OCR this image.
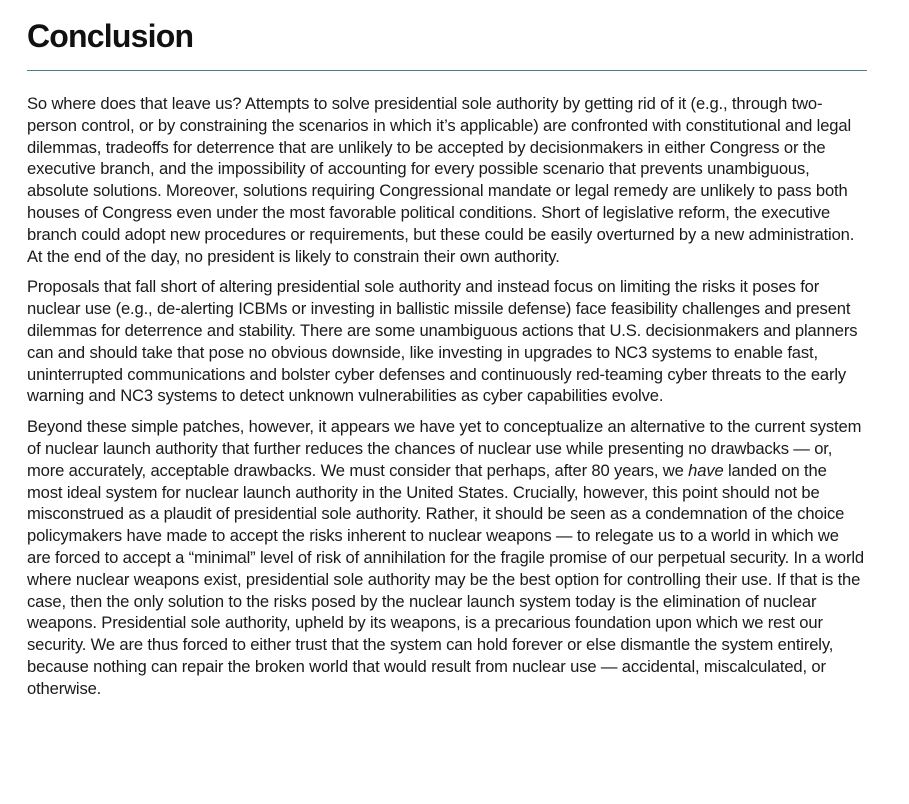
Conclusion

So where does that leave us? Attempts to solve presidential sole authority by getting rid of it (e.g., through two-person control, or by constraining the scenarios in which it’s applicable) are confronted with constitutional and legal dilemmas, tradeoffs for deterrence that are unlikely to be accepted by decisionmakers in either Congress or the executive branch, and the impossibility of accounting for every possible scenario that prevents unambiguous, absolute solutions. Moreover, solutions requiring Congressional mandate or legal remedy are unlikely to pass both houses of Congress even under the most favorable political conditions. Short of legislative reform, the executive branch could adopt new procedures or requirements, but these could be easily overturned by a new administration. At the end of the day, no president is likely to constrain their own authority.

Proposals that fall short of altering presidential sole authority and instead focus on limiting the risks it poses for nuclear use (e.g., de-alerting ICBMs or investing in ballistic missile defense) face feasibility challenges and present dilemmas for deterrence and stability. There are some unambiguous actions that U.S. decisionmakers and planners can and should take that pose no obvious downside, like investing in upgrades to NC3 systems to enable fast, uninterrupted communications and bolster cyber defenses and continuously red-teaming cyber threats to the early warning and NC3 systems to detect unknown vulnerabilities as cyber capabilities evolve.

Beyond these simple patches, however, it appears we have yet to conceptualize an alternative to the current system of nuclear launch authority that further reduces the chances of nuclear use while presenting no drawbacks — or, more accurately, acceptable drawbacks. We must consider that perhaps, after 80 years, we have landed on the most ideal system for nuclear launch authority in the United States. Crucially, however, this point should not be misconstrued as a plaudit of presidential sole authority. Rather, it should be seen as a condemnation of the choice policymakers have made to accept the risks inherent to nuclear weapons — to relegate us to a world in which we are forced to accept a “minimal” level of risk of annihilation for the fragile promise of our perpetual security. In a world where nuclear weapons exist, presidential sole authority may be the best option for controlling their use. If that is the case, then the only solution to the risks posed by the nuclear launch system today is the elimination of nuclear weapons. Presidential sole authority, upheld by its weapons, is a precarious foundation upon which we rest our security. We are thus forced to either trust that the system can hold forever or else dismantle the system entirely, because nothing can repair the broken world that would result from nuclear use — accidental, miscalculated, or otherwise.
